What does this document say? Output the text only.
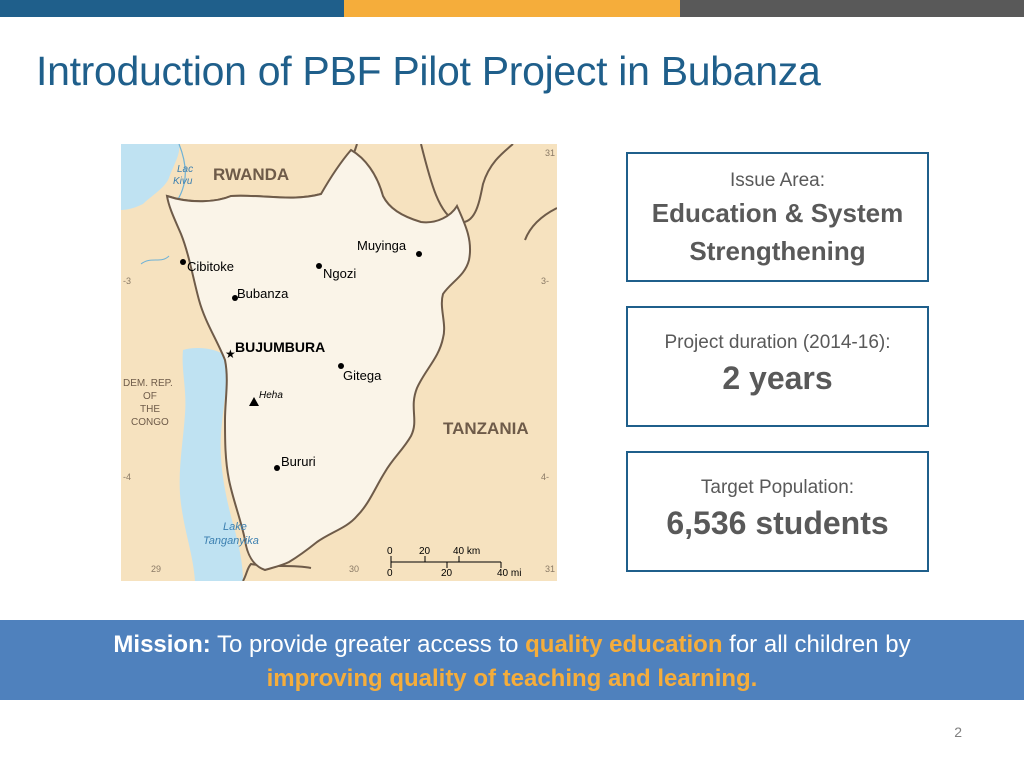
Introduction of PBF Pilot Project in Bubanza
31
-3	3-
-4	4-
29	30	31
Lac
Kivu RWANDA
DEM. REP.
OF
THE
CONGO	TANZANIA
Lake
Tanganyika
Muyinga
Cibitoke	Ngozi
Bubanza
★ BUJUMBURA
Gitega
Heha
Bururi
0	20 40 km
0	20	40 mi
Issue Area:
Education & System
Strengthening
Project duration (2014-16):
2 years
Target Population:
6,536 students
Mission: To provide greater access to quality education for all children by
improving quality of teaching and learning.
2
